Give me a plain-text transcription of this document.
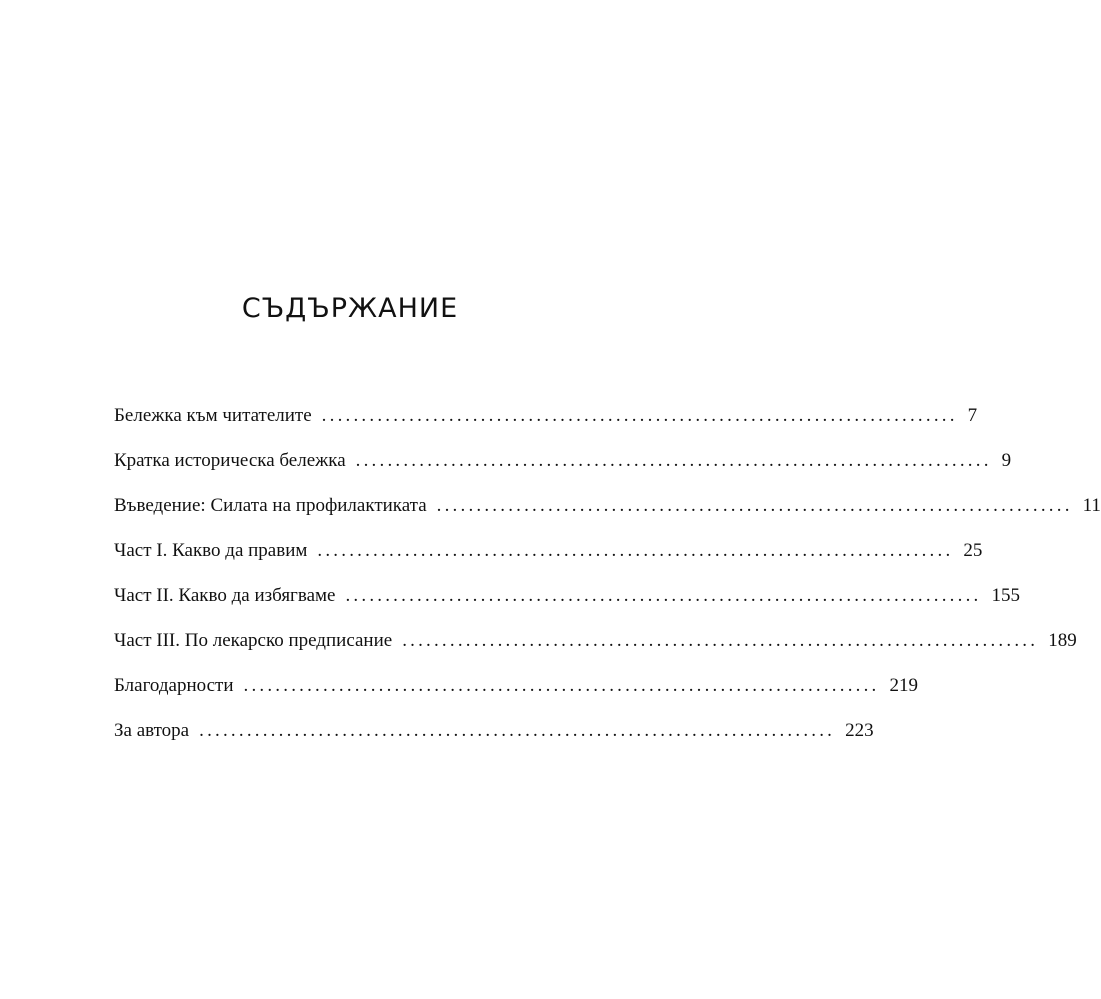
СЪДЪРЖАНИЕ
Бележка към читателите ................................................................................ 7
Кратка историческа бележка ................................................................................ 9
Въведение: Силата на профилактиката ................................................................................ 11
Част I. Какво да правим ................................................................................ 25
Част II. Какво да избягваме ................................................................................ 155
Част III. По лекарско предписание ................................................................................ 189
Благодарности ................................................................................ 219
За автора ................................................................................ 223
